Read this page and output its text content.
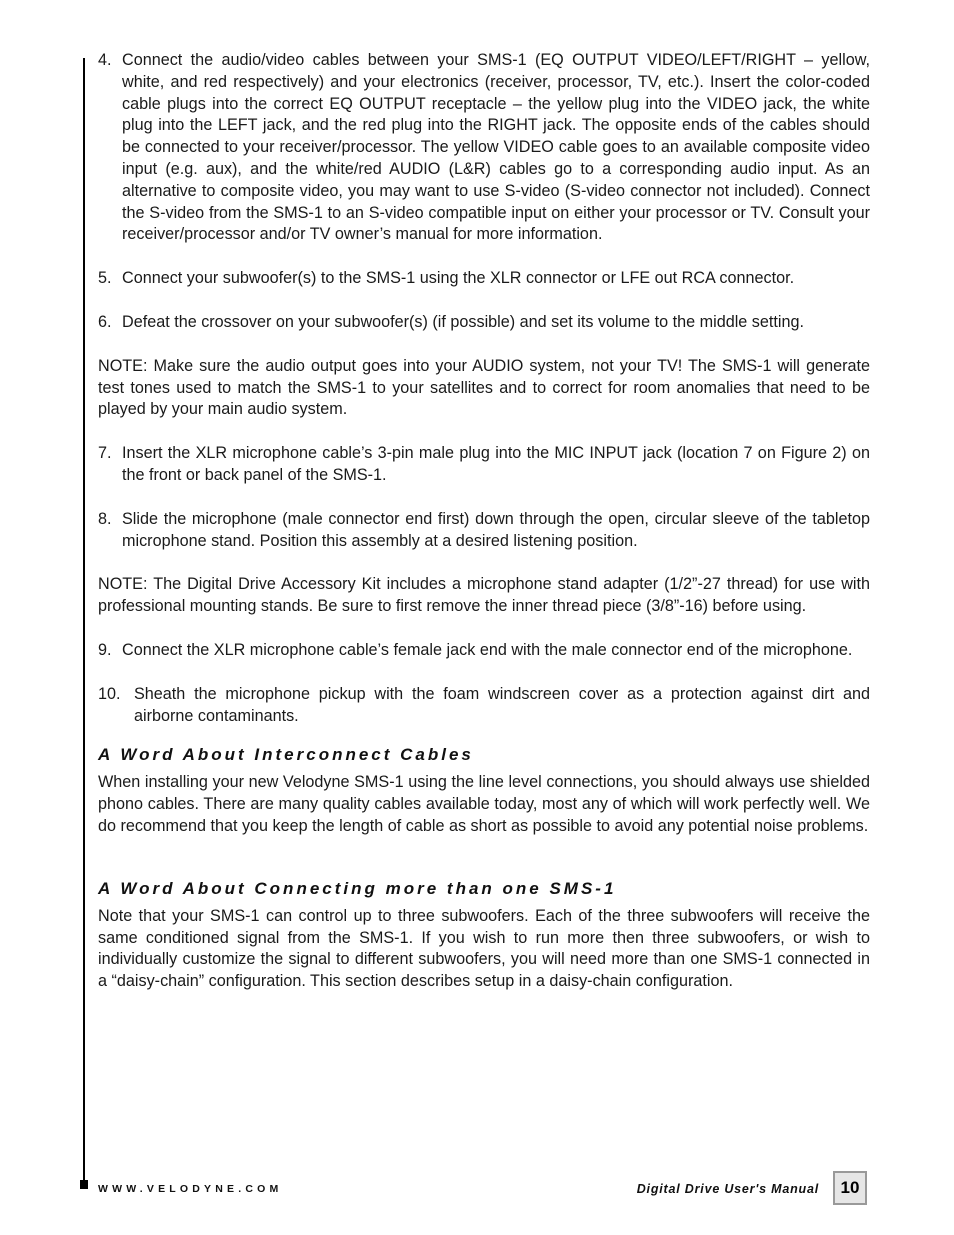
4. Connect the audio/video cables between your SMS-1 (EQ OUTPUT VIDEO/LEFT/RIGHT – yellow, white, and red respectively) and your electronics (receiver, processor, TV, etc.). Insert the color-coded cable plugs into the correct EQ OUTPUT receptacle – the yellow plug into the VIDEO jack, the white plug into the LEFT jack, and the red plug into the RIGHT jack. The opposite ends of the cables should be connected to your receiver/processor. The yellow VIDEO cable goes to an available composite video input (e.g. aux), and the white/red AUDIO (L&R) cables go to a corresponding audio input. As an alternative to composite video, you may want to use S-video (S-video connector not included). Connect the S-video from the SMS-1 to an S-video compatible input on either your processor or TV. Consult your receiver/processor and/or TV owner’s manual for more information.
5. Connect your subwoofer(s) to the SMS-1 using the XLR connector or LFE out RCA connector.
6. Defeat the crossover on your subwoofer(s) (if possible) and set its volume to the middle setting.

NOTE: Make sure the audio output goes into your AUDIO system, not your TV! The SMS-1 will generate test tones used to match the SMS-1 to your satellites and to correct for room anomalies that need to be played by your main audio system.

7. Insert the XLR microphone cable’s 3-pin male plug into the MIC INPUT jack (location 7 on Figure 2) on the front or back panel of the SMS-1.
8. Slide the microphone (male connector end first) down through the open, circular sleeve of the tabletop microphone stand. Position this assembly at a desired listening position.

NOTE: The Digital Drive Accessory Kit includes a microphone stand adapter (1/2”-27 thread) for use with professional mounting stands. Be sure to first remove the inner thread piece (3/8”-16) before using.

9. Connect the XLR microphone cable’s female jack end with the male connector end of the microphone.
10. Sheath the microphone pickup with the foam windscreen cover as a protection against dirt and airborne contaminants.
A Word About Interconnect Cables

When installing your new Velodyne SMS-1 using the line level connections, you should always use shielded phono cables. There are many quality cables available today, most any of which will work perfectly well. We do recommend that you keep the length of cable as short as possible to avoid any potential noise problems.

A Word About Connecting more than one SMS-1

Note that your SMS-1 can control up to three subwoofers. Each of the three subwoofers will receive the same conditioned signal from the SMS-1. If you wish to run more then three subwoofers, or wish to individually customize the signal to different subwoofers, you will need more than one SMS-1 connected in a “daisy-chain” configuration. This section describes setup in a daisy-chain configuration.

WWW.VELODYNE.COM	Digital Drive User's Manual	10
